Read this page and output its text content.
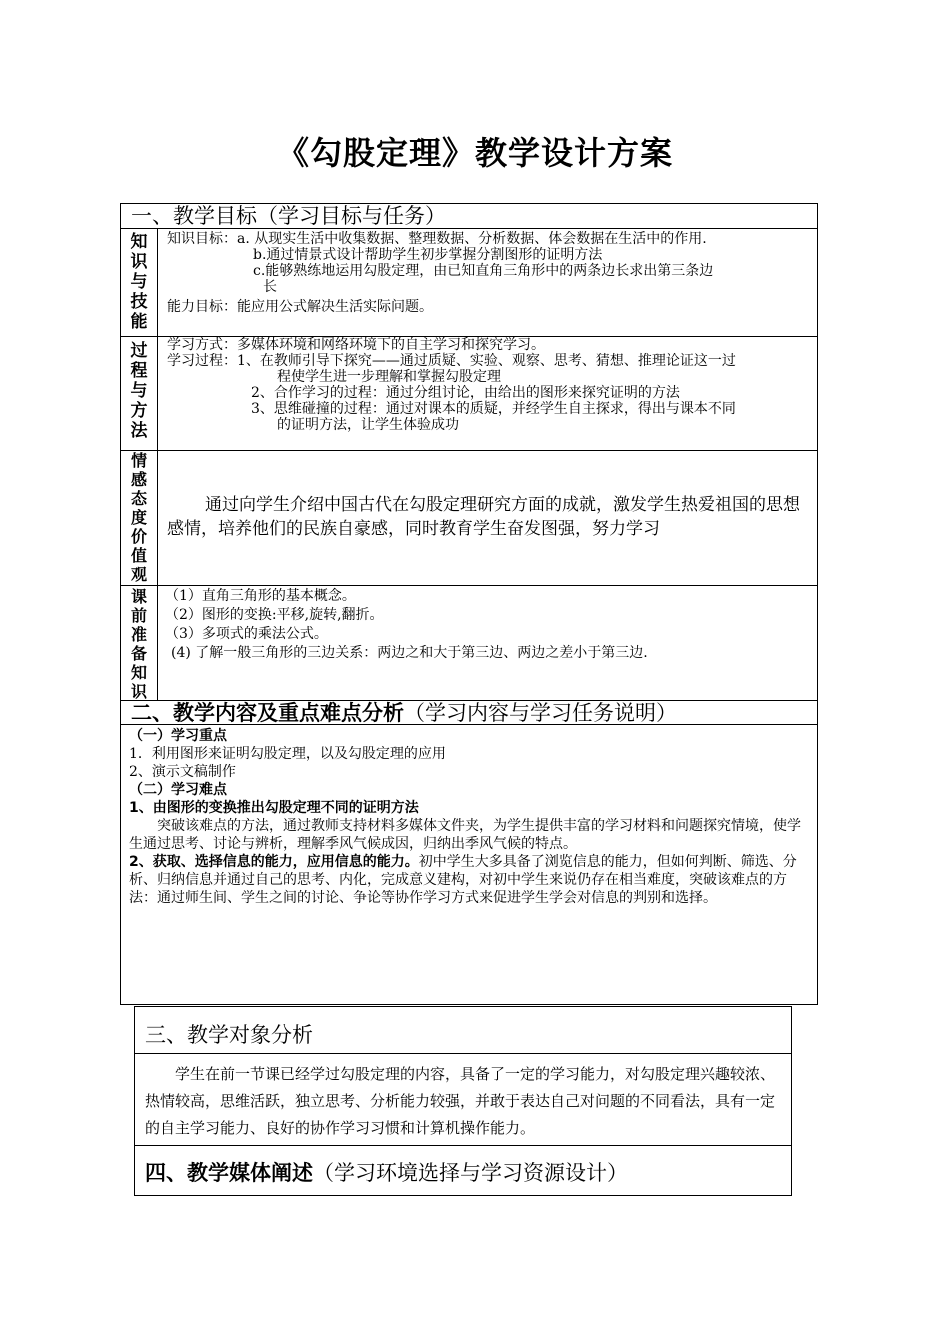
《勾股定理》教学设计方案
一、教学目标（学习目标与任务）
知
识
与
技
能
知识目标：a. 从现实生活中收集数据、整理数据、分析数据、体会数据在生活中的作用.
b.通过情景式设计帮助学生初步掌握分割图形的证明方法
c.能够熟练地运用勾股定理，由已知直角三角形中的两条边长求出第三条边
长
能力目标：能应用公式解决生活实际问题。
过
程
与
方
法
学习方式：多媒体环境和网络环境下的自主学习和探究学习。
学习过程：1、在教师引导下探究——通过质疑、实验、观察、思考、猜想、推理论证这一过
程使学生进一步理解和掌握勾股定理
2、合作学习的过程：通过分组讨论，由给出的图形来探究证明的方法
3、思维碰撞的过程：通过对课本的质疑，并经学生自主探求，得出与课本不同
的证明方法，让学生体验成功
情
感
态
度
价
值
观
通过向学生介绍中国古代在勾股定理研究方面的成就，激发学生热爱祖国的思想感情，培养他们的民族自豪感，同时教育学生奋发图强，努力学习
课
前
准
备
知
识
（1）直角三角形的基本概念。
（2）图形的变换:平移,旋转,翻折。
（3）多项式的乘法公式。
(4) 了解一般三角形的三边关系：两边之和大于第三边、两边之差小于第三边.
二、教学内容及重点难点分析（学习内容与学习任务说明）
（一）学习重点
1．利用图形来证明勾股定理，以及勾股定理的应用
2、演示文稿制作
（二）学习难点
1、由图形的变换推出勾股定理不同的证明方法
突破该难点的方法，通过教师支持材料多媒体文件夹，为学生提供丰富的学习材料和问题探究情境，使学生通过思考、讨论与辨析，理解季风气候成因，归纳出季风气候的特点。
2、获取、选择信息的能力，应用信息的能力。初中学生大多具备了浏览信息的能力，但如何判断、筛选、分析、归纳信息并通过自己的思考、内化，完成意义建构，对初中学生来说仍存在相当难度，突破该难点的方法：通过师生间、学生之间的讨论、争论等协作学习方式来促进学生学会对信息的判别和选择。
三、教学对象分析
学生在前一节课已经学过勾股定理的内容，具备了一定的学习能力，对勾股定理兴趣较浓、热情较高，思维活跃，独立思考、分析能力较强，并敢于表达自己对问题的不同看法，具有一定的自主学习能力、良好的协作学习习惯和计算机操作能力。
四、教学媒体阐述（学习环境选择与学习资源设计）
